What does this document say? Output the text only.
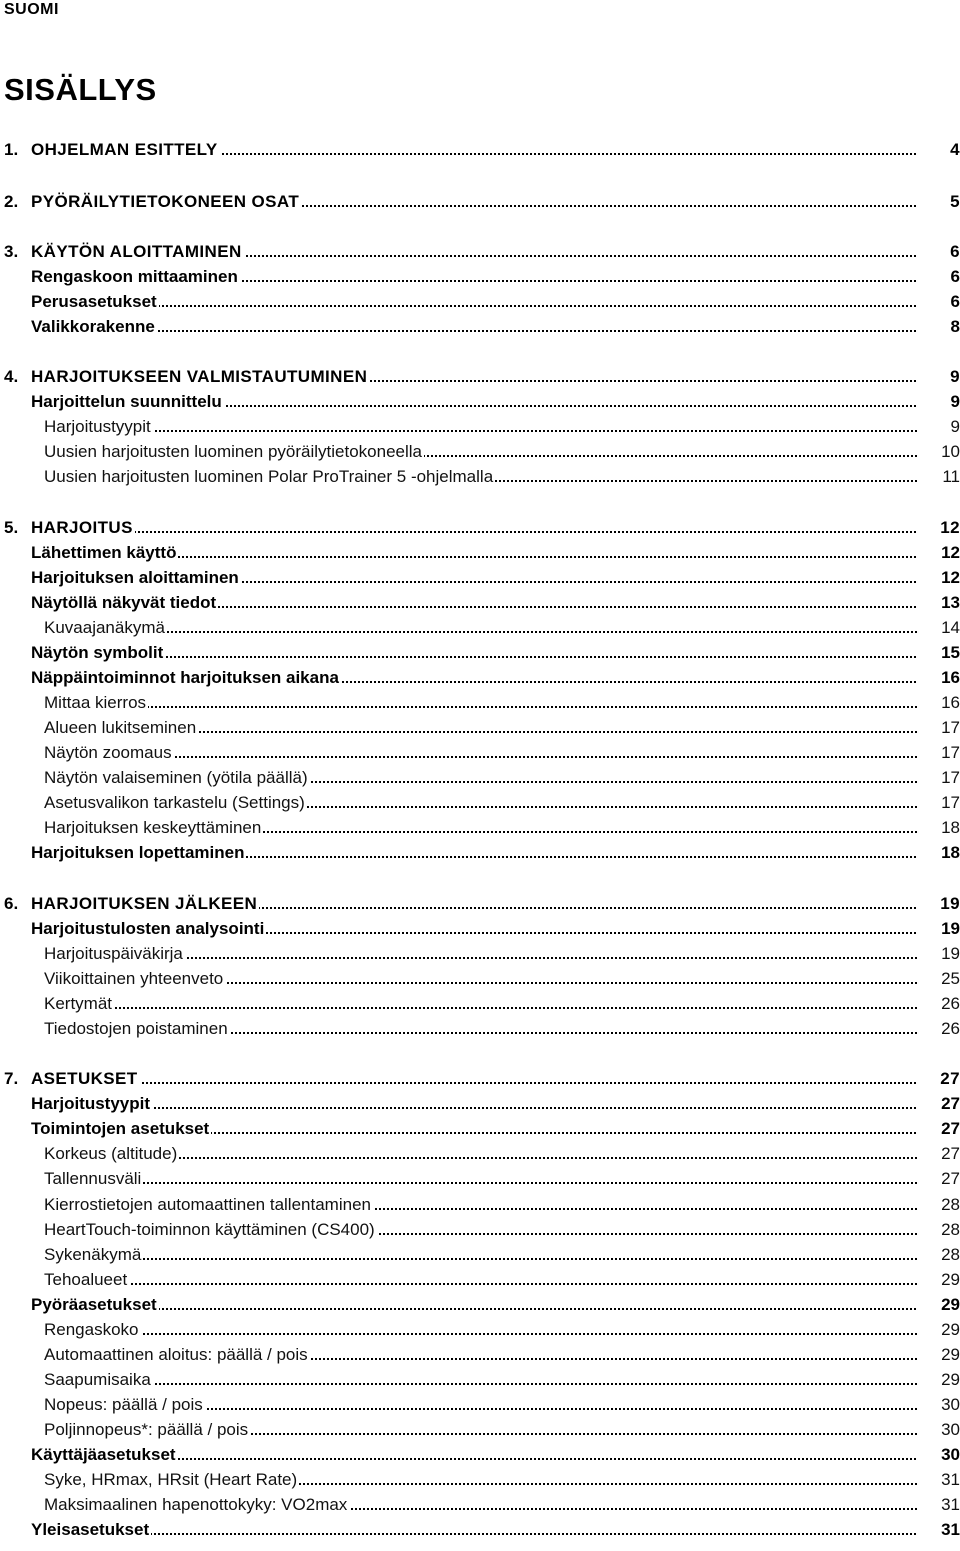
SUOMI
SISÄLLYS
1. OHJELMAN ESITTELY	4
2. PYÖRÄILYTIETOKONEEN OSAT	5
3. KÄYTÖN ALOITTAMINEN	6
Rengaskoon mittaaminen	6
Perusasetukset	6
Valikkorakenne	8
4. HARJOITUKSEEN VALMISTAUTUMINEN	9
Harjoittelun suunnittelu	9
Harjoitustyypit	9
Uusien harjoitusten luominen pyöräilytietokoneella	10
Uusien harjoitusten luominen Polar ProTrainer 5 -ohjelmalla	11
5. HARJOITUS	12
Lähettimen käyttö	12
Harjoituksen aloittaminen	12
Näytöllä näkyvät tiedot	13
Kuvaajanäkymä	14
Näytön symbolit	15
Näppäintoiminnot harjoituksen aikana	16
Mittaa kierros	16
Alueen lukitseminen	17
Näytön zoomaus	17
Näytön valaiseminen (yötila päällä)	17
Asetusvalikon tarkastelu (Settings)	17
Harjoituksen keskeyttäminen	18
Harjoituksen lopettaminen	18
6. HARJOITUKSEN JÄLKEEN	19
Harjoitustulosten analysointi	19
Harjoituspäiväkirja	19
Viikoittainen yhteenveto	25
Kertymät	26
Tiedostojen poistaminen	26
7. ASETUKSET	27
Harjoitustyypit	27
Toimintojen asetukset	27
Korkeus (altitude)	27
Tallennusväli	27
Kierrostietojen automaattinen tallentaminen	28
HeartTouch-toiminnon käyttäminen (CS400)	28
Sykenäkymä	28
Tehoalueet	29
Pyöräasetukset	29
Rengaskoko	29
Automaattinen aloitus: päällä / pois	29
Saapumisaika	29
Nopeus: päällä / pois	30
Poljinnopeus*: päällä / pois	30
Käyttäjäasetukset	30
Syke, HRmax, HRsit (Heart Rate)	31
Maksimaalinen hapenottokyky: VO2max	31
Yleisasetukset	31
